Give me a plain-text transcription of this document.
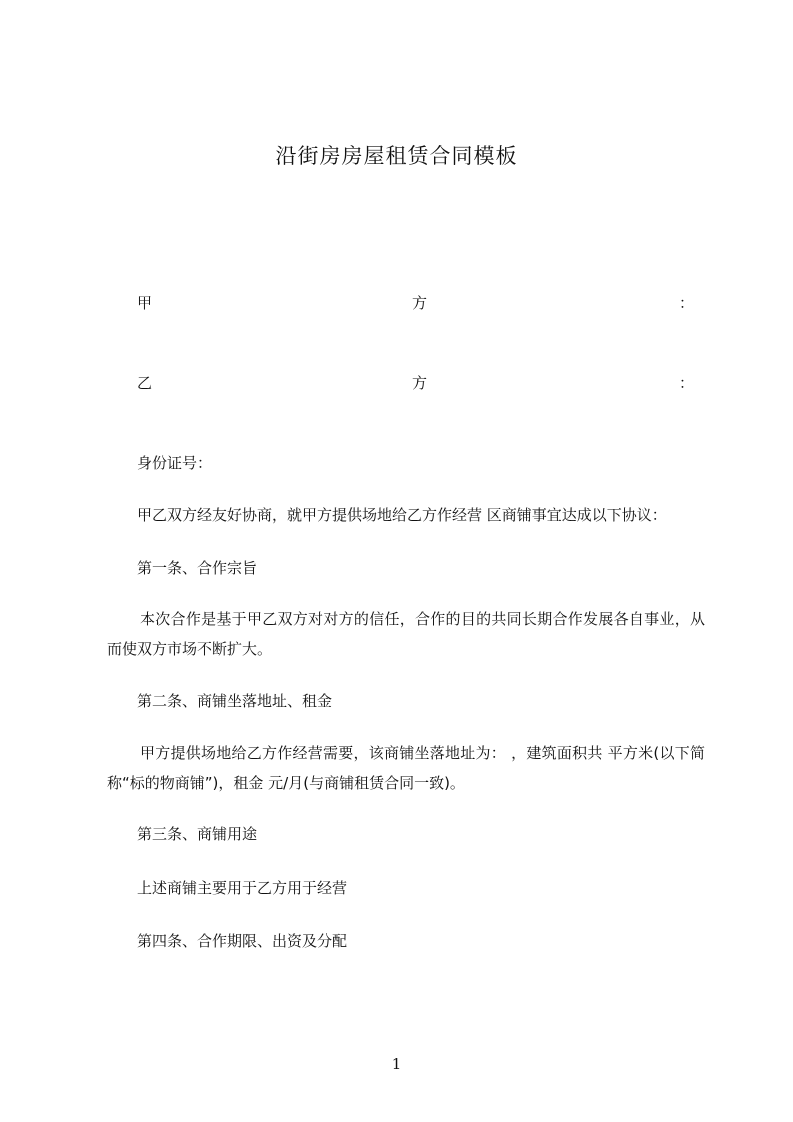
沿街房房屋租赁合同模板
甲	方	：
乙	方	：
身份证号：
甲乙双方经友好协商，就甲方提供场地给乙方作经营 区商铺事宜达成以下协议：
第一条、合作宗旨
本次合作是基于甲乙双方对对方的信任，合作的目的共同长期合作发展各自事业，从而使双方市场不断扩大。
第二条、商铺坐落地址、租金
甲方提供场地给乙方作经营需要，该商铺坐落地址为： ，建筑面积共 平方米(以下简称“标的物商铺”)，租金 元/月(与商铺租赁合同一致)。
第三条、商铺用途
上述商铺主要用于乙方用于经营
第四条、合作期限、出资及分配
1
